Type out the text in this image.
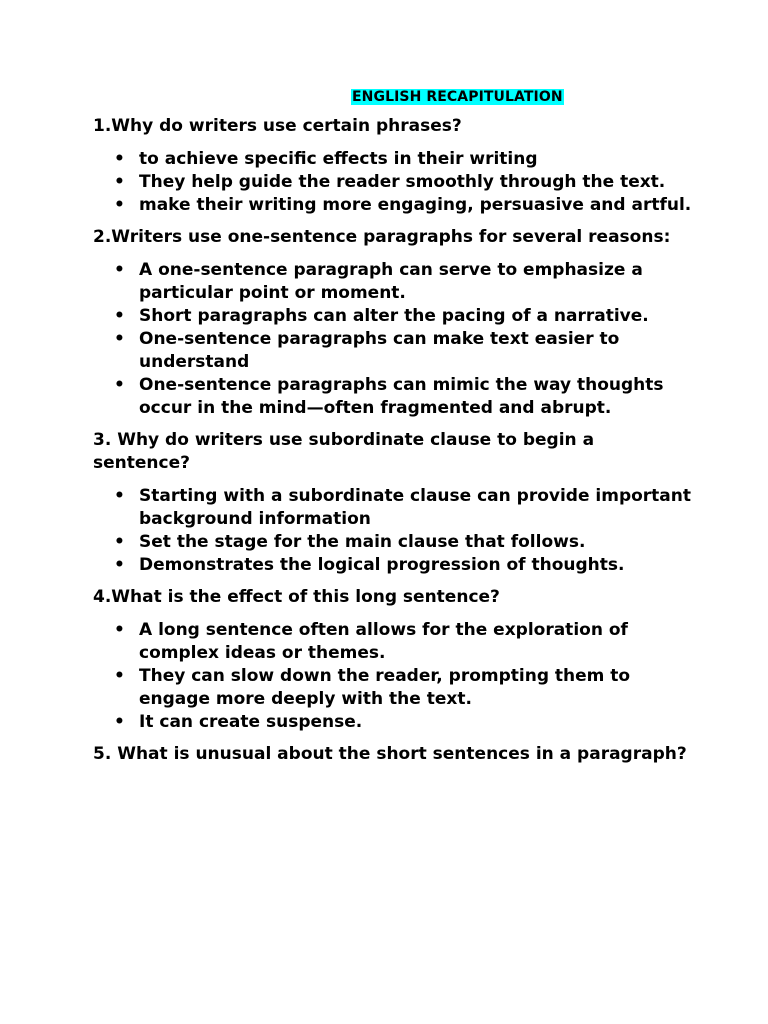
ENGLISH RECAPITULATION

1.Why do writers use certain phrases?

• to achieve specific effects in their writing
• They help guide the reader smoothly through the text.
• make their writing more engaging, persuasive and artful.

2.Writers use one-sentence paragraphs for several reasons:

• A one-sentence paragraph can serve to emphasize a particular point or moment.
• Short paragraphs can alter the pacing of a narrative.
• One-sentence paragraphs can make text easier to understand
• One-sentence paragraphs can mimic the way thoughts occur in the mind—often fragmented and abrupt.

3. Why do writers use subordinate clause to begin a sentence?

• Starting with a subordinate clause can provide important background information
• Set the stage for the main clause that follows.
• Demonstrates the logical progression of thoughts.

4.What is the effect of this long sentence?

• A long sentence often allows for the exploration of complex ideas or themes.
• They can slow down the reader, prompting them to engage more deeply with the text.
• It can create suspense.

5. What is unusual about the short sentences in a paragraph?
